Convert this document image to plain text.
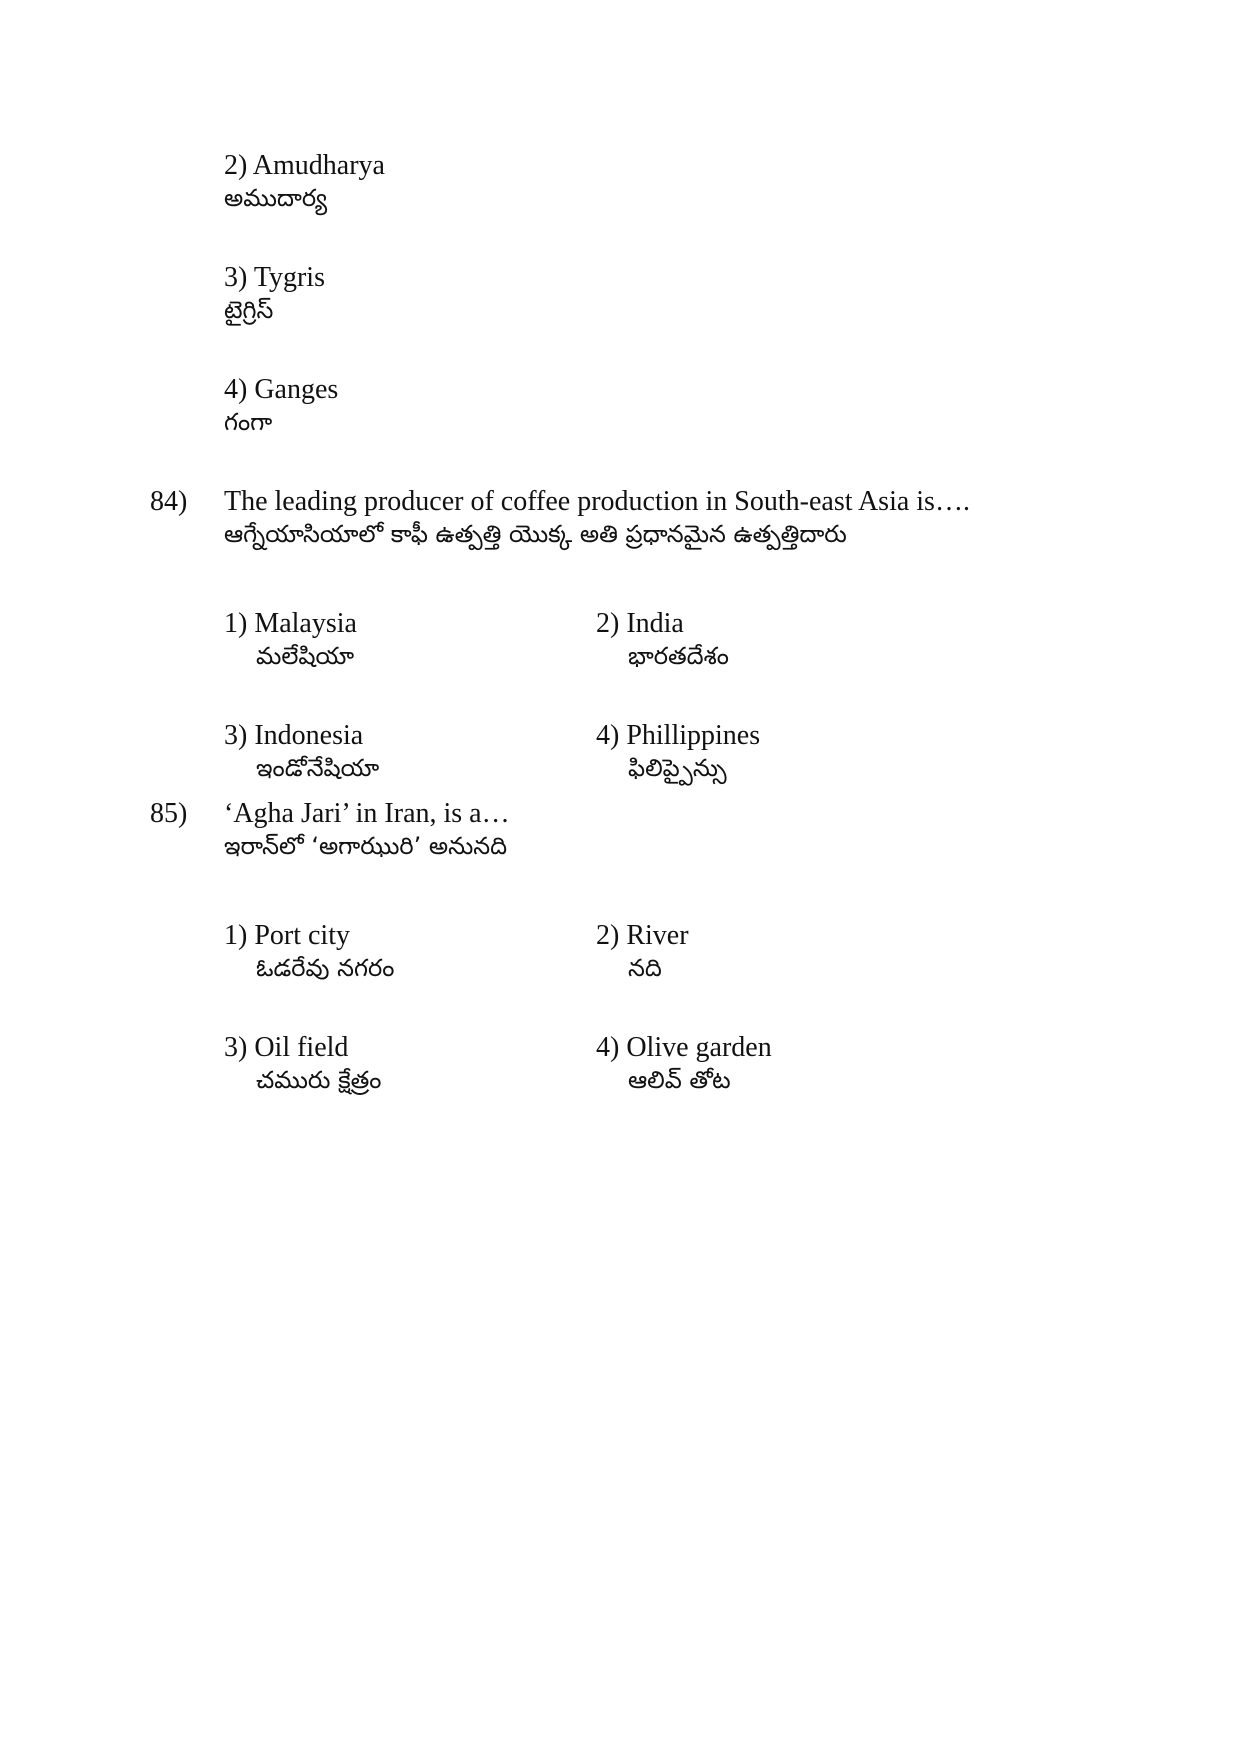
2) Amudharya
అముదార్య
3) Tygris
టైగ్రిస్
4) Ganges
గంగా
84) The leading producer of coffee production in South-east Asia is….
ఆగ్నేయాసియాలో కాఫీ ఉత్పత్తి యొక్క అతి ప్రధానమైన ఉత్పత్తిదారు
1) Malaysia
మలేషియా
2) India
భారతదేశం
3) Indonesia
ఇండోనేషియా
4) Phillippines
ఫిలిప్పైన్సు
85) ‘Agha Jari’ in Iran, is a…
ఇరాన్‌లో ‘అగాఝురి’ అనునది
1) Port city
ఓడరేవు నగరం
2) River
నది
3) Oil field
చమురు క్షేత్రం
4) Olive garden
ఆలివ్ తోట
